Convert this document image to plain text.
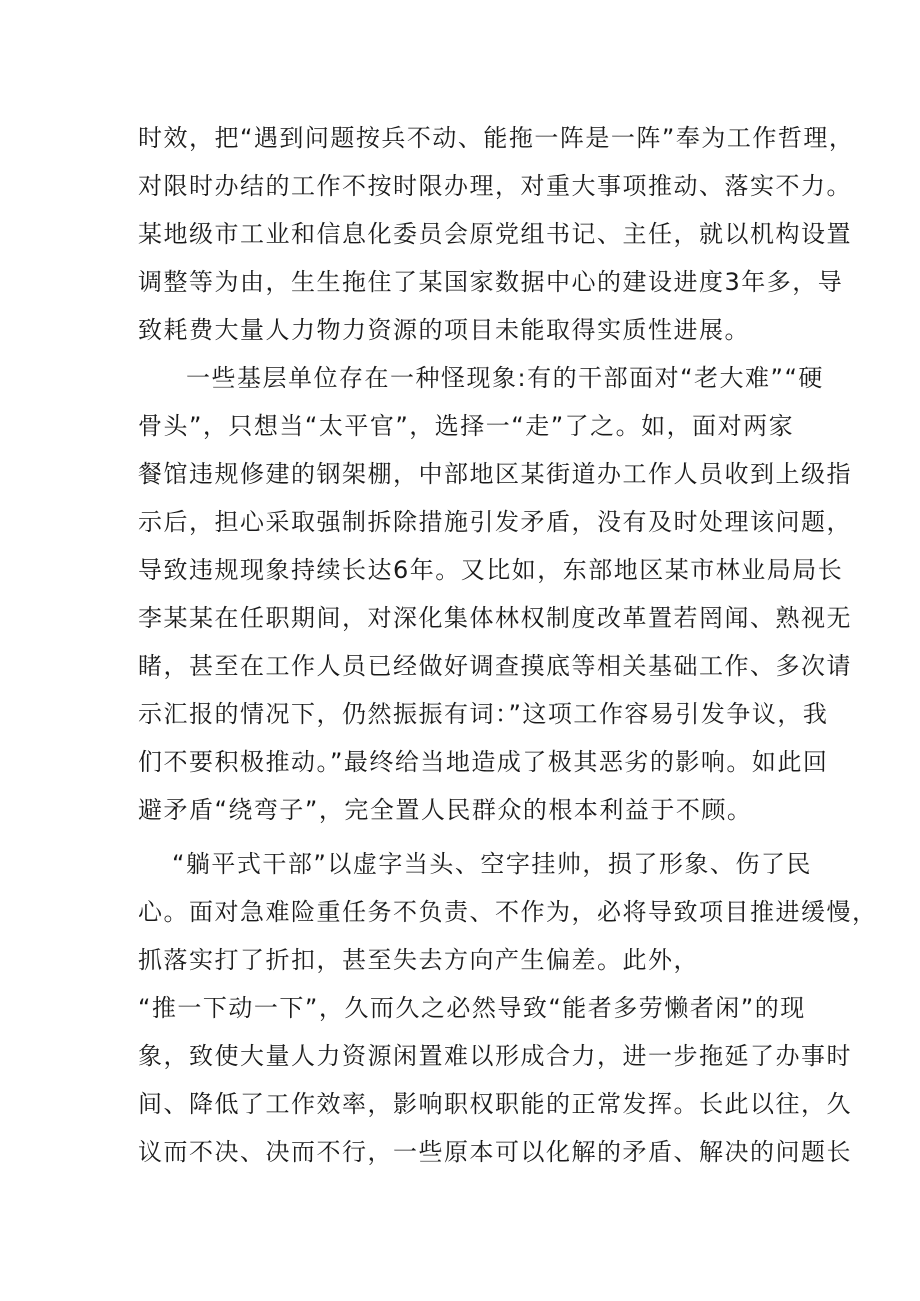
时效，把“遇到问题按兵不动、能拖一阵是一阵”奉为工作哲理，
对限时办结的工作不按时限办理，对重大事项推动、落实不力。
某地级市工业和信息化委员会原党组书记、主任，就以机构设置
调整等为由，生生拖住了某国家数据中心的建设进度3年多，导
致耗费大量人力物力资源的项目未能取得实质性进展。
一些基层单位存在一种怪现象:有的干部面对“老大难”“硬
骨头”，只想当“太平官”，选择一“走”了之。如，面对两家
餐馆违规修建的钢架棚，中部地区某街道办工作人员收到上级指
示后，担心采取强制拆除措施引发矛盾，没有及时处理该问题，
导致违规现象持续长达6年。又比如，东部地区某市林业局局长
李某某在任职期间，对深化集体林权制度改革置若罔闻、熟视无
睹，甚至在工作人员已经做好调查摸底等相关基础工作、多次请
示汇报的情况下，仍然振振有词：”这项工作容易引发争议，我
们不要积极推动。”最终给当地造成了极其恶劣的影响。如此回
避矛盾“绕弯子”，完全置人民群众的根本利益于不顾。
“躺平式干部”以虚字当头、空字挂帅，损了形象、伤了民
心。面对急难险重任务不负责、不作为，必将导致项目推进缓慢，
抓落实打了折扣，甚至失去方向产生偏差。此外，
“推一下动一下”，久而久之必然导致“能者多劳懒者闲”的现
象，致使大量人力资源闲置难以形成合力，进一步拖延了办事时
间、降低了工作效率，影响职权职能的正常发挥。长此以往，久
议而不决、决而不行，一些原本可以化解的矛盾、解决的问题长
